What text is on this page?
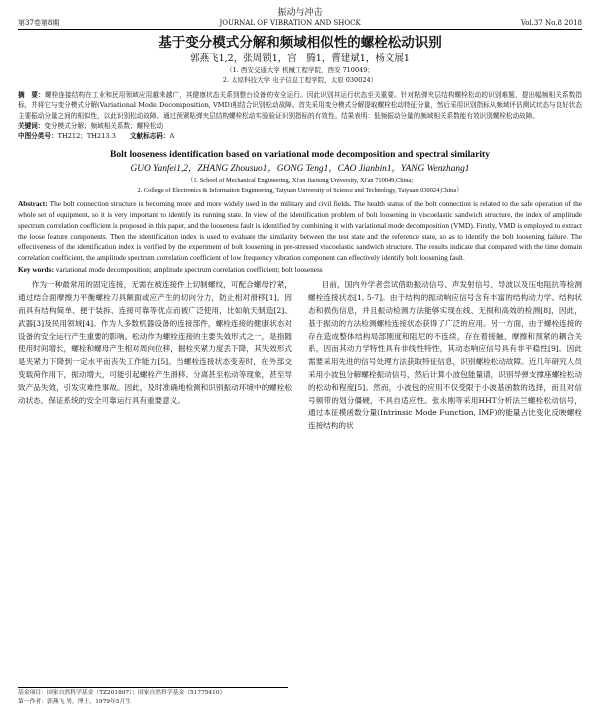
振动与冲击
第37卷第8期	JOURNAL OF VIBRATION AND SHOCK	Vol.37 No.8 2018
基于变分模式分解和频域相似性的螺栓松动识别
郭燕飞1,2，张周锁1，宫　腾1，曹建斌1，杨文展1
（1. 西安交通大学 机械工程学院，西安 710049；
2. 太原科技大学 电子信息工程学院，太原 030024）
摘　要：螺栓连接结构在工业和民用领域应用越来越广，其健康状态关系到整台设备的安全运行。因此识别其运行状态至关重要。针对粘弹夹层结构螺栓松动的识别难题，提出幅频相关系数指标，并将它与变分模式分解(Variational Mode Decomposition, VMD)相结合识别松动故障。首先采用变分模式分解提取螺栓松动特征分量，然后采用识别指标从频域评估测试状态与良好状态主要振动分量之间的相似性，以此识别松动故障。通过预紧粘弹夹层结构螺栓松动实验验证识别指标的有效性。结果表明：低频振动分量的频域相关系数能有效识别螺栓松动故障。
关键词：变分模式分解；频域相关系数；螺栓松动
中图分类号：TH212；TH213.3 文献标志码：A
Bolt looseness identification based on variational mode decomposition and spectral similarity
GUO Yanfei1,2，ZHANG Zhousuo1，GONG Teng1，CAO Jianbin1，YANG Wenzhang1
（1. School of Mechanical Engineering, Xi'an Jiaotong University, Xi'an 710049,China;
2. College of Electronics & Information Engineering, Taiyuan University of Science and Technology, Taiyuan 030024,China）
Abstract: The bolt connection structure is becoming more and more widely used in the military and civil fields. The health status of the bolt connection is related to the safe operation of the whole set of equipment, so it is very important to identify its running state. In view of the identification problem of bolt loosening in viscoelastic sandwich structure, the index of amplitude spectrum correlation coefficient is proposed in this paper, and the looseness fault is identified by combining it with variational mode decomposition (VMD). Firstly, VMD is employed to extract the loose feature components. Then the identification index is used to evaluate the similarity between the test state and the reference state, so as to identify the bolt loosening failure. The effectiveness of the identification index is verified by the experiment of bolt loosening in pre-stressed viscoelastic sandwich structure. The results indicate that compared with the time domain correlation coefficient, the amplitude spectrum correlation coefficient of low frequency vibration component can effectively identify bolt loosening fault.
Key words: variational mode decomposition; amplitude spectrum correlation coefficient; bolt looseness

作为一种最常用的固定连接，无需在被连接件上切制螺纹，可配合螺母拧紧，通过结合面摩擦力平衡螺栓刀具额面或应产生的切向分力，防止相对滑移[1]。因而具有结构简单、便于装拆、连接可靠等优点而被广泛使用，比如航天制造[2]、武器[3]及民用领域[4]。作为人多数机器设备的连接部件，螺栓连接的健康状态对设备的安全运行产生重要的影响。松动作为螺栓连接的主要失效形式之一，是指随使用时间增长，螺栓和螺母产生相对周向位移，掘栓夹紧力度丢下降，其失效形式是夹紧力下降到一定水平而丧失工作能力[5]。当螺栓连接状态变差时，在外部交变载荷作用下，振动增大，可能引起螺栓产生滑移、分离甚至松动等现象，甚至导致产品失效，引发灾难性事故。因此，及时准确地检测和识别振动环境中的螺栓松动状态，保证系统的安全可靠运行具有重要意义。

目前，国内外学者尝试借助振动信号、声发射信号、导波以及压电阻抗等检测螺栓连接状态[1, 5-7]。由于结构的振动响应信号含有丰富的结构动力学、结构状态和损伤信息，并且振动检测方法能够实现在线、无损和高效的检测[8]，因此，基于振动的方法检测螺栓连接状态获得了广泛的应用。另一方面，由于螺栓连接的存在造成整体结构局部刚度和阻尼的不连续，存在着接触、摩擦和预紧的耦合关系，因而其动力学特性具有非线性特性，其动态响应信号具有非平稳性[9]。因此需要采用先进的信号处理方法获取特征信息，识别螺栓松动故障。近几年研究人员采用小波包分解螺栓振动信号，然后计算小波包能量谱，识别导弹支撑座螺栓松动的松动和程度[5]。然而，小波包的应用不仅受限于小波基函数的选择，而且对信号频带的划分僵硬，不具自适应性。张永刚等采用HHT分析法兰螺栓松动信号，通过本征模函数分量(Intrinsic Mode Function, IMF)的能量占比变化反映螺栓连接结构的状

基金项目：国家自然科学基金（TZ201807）；国家自然科学基金（51775410）
第一作者：郭燕飞 男，博士，1979年5月生
